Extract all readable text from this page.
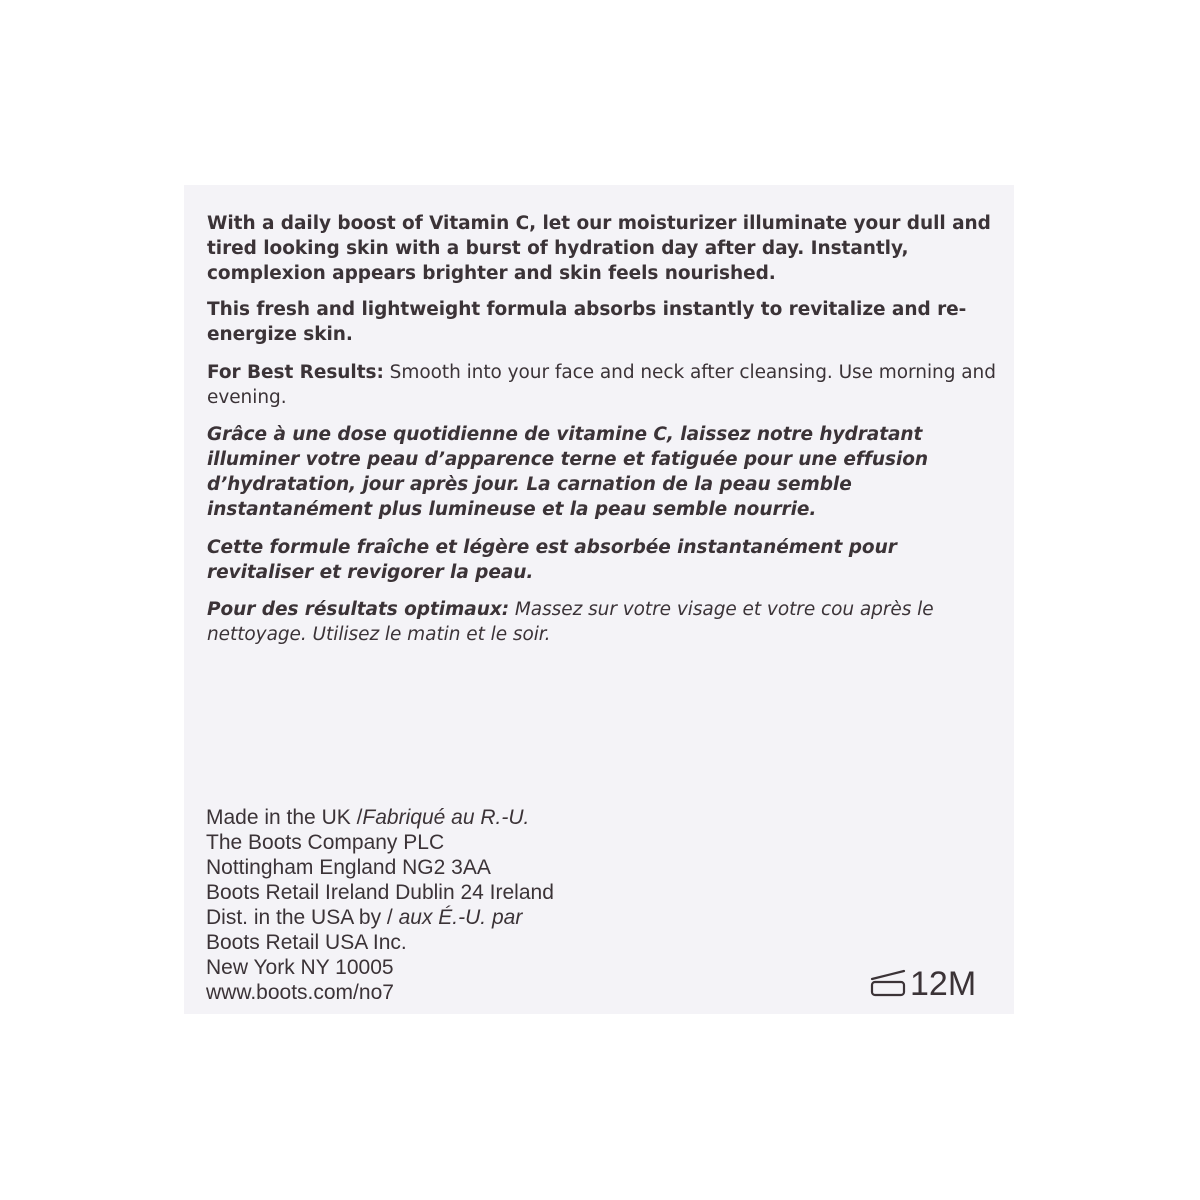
With a daily boost of Vitamin C, let our moisturizer illuminate your dull and tired looking skin with a burst of hydration day after day. Instantly, complexion appears brighter and skin feels nourished.
This fresh and lightweight formula absorbs instantly to revitalize and re-energize skin.
For Best Results: Smooth into your face and neck after cleansing. Use morning and evening.
Grâce à une dose quotidienne de vitamine C, laissez notre hydratant illuminer votre peau d’apparence terne et fatiguée pour une effusion d’hydratation, jour après jour. La carnation de la peau semble instantanément plus lumineuse et la peau semble nourrie.
Cette formule fraîche et légère est absorbée instantanément pour revitaliser et revigorer la peau.
Pour des résultats optimaux: Massez sur votre visage et votre cou après le nettoyage. Utilisez le matin et le soir.
Made in the UK /Fabriqué au R.-U.
The Boots Company PLC
Nottingham England NG2 3AA
Boots Retail Ireland Dublin 24 Ireland
Dist. in the USA by / aux É.-U. par
Boots Retail USA Inc.
New York NY 10005
www.boots.com/no7	12M
